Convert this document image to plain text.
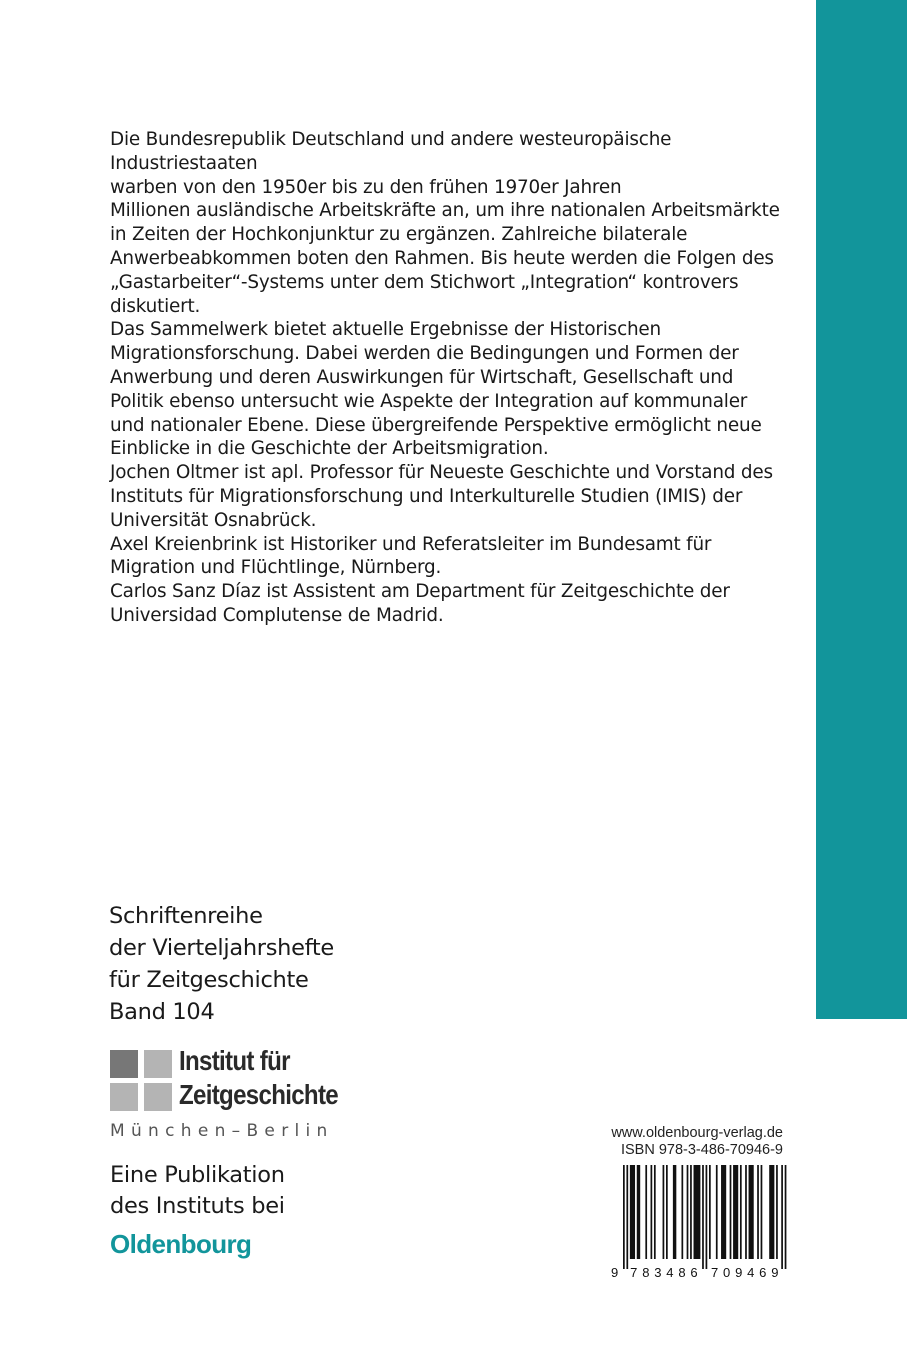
Die Bundesrepublik Deutschland und andere westeuropäische
Industriestaaten
warben von den 1950er bis zu den frühen 1970er Jahren
Millionen ausländische Arbeitskräfte an, um ihre nationalen Arbeitsmärkte
in Zeiten der Hochkonjunktur zu ergänzen. Zahlreiche bilaterale
Anwerbeabkommen boten den Rahmen. Bis heute werden die Folgen des
„Gastarbeiter“-Systems unter dem Stichwort „Integration“ kontrovers
diskutiert.
Das Sammelwerk bietet aktuelle Ergebnisse der Historischen
Migrationsforschung. Dabei werden die Bedingungen und Formen der
Anwerbung und deren Auswirkungen für Wirtschaft, Gesellschaft und
Politik ebenso untersucht wie Aspekte der Integration auf kommunaler
und nationaler Ebene. Diese übergreifende Perspektive ermöglicht neue
Einblicke in die Geschichte der Arbeitsmigration.
Jochen Oltmer ist apl. Professor für Neueste Geschichte und Vorstand des
Instituts für Migrationsforschung und Interkulturelle Studien (IMIS) der
Universität Osnabrück.
Axel Kreienbrink ist Historiker und Referatsleiter im Bundesamt für
Migration und Flüchtlinge, Nürnberg.
Carlos Sanz Díaz ist Assistent am Department für Zeitgeschichte der
Universidad Complutense de Madrid.
Schriftenreihe
der Vierteljahrshefte
für Zeitgeschichte
Band 104
Institut für
Zeitgeschichte
München–Berlin
Eine Publikation
des Instituts bei
Oldenbourg
www.oldenbourg-verlag.de
ISBN 978-3-486-70946-9
9 7 8 3 4 8 6 7 0 9 4 6 9
